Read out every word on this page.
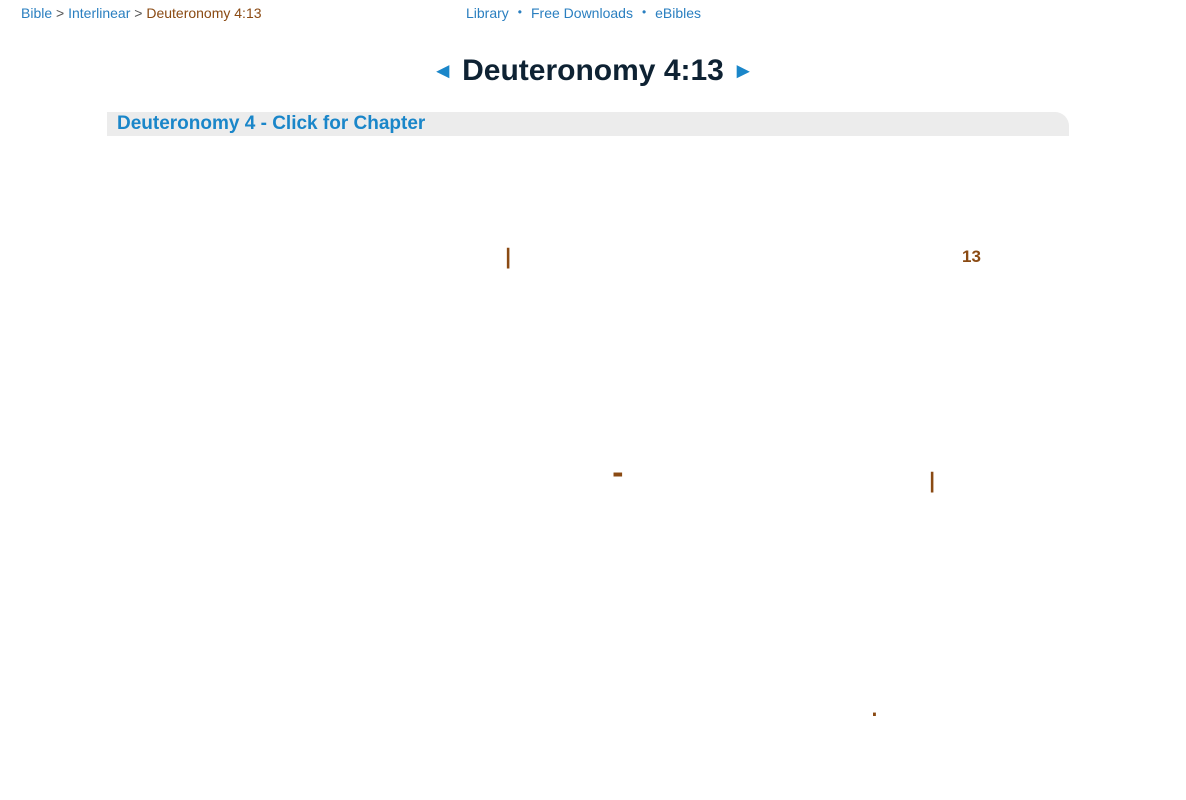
Bible > Interlinear > Deuteronomy 4:13	Library • Free Downloads • eBibles
◄ Deuteronomy 4:13 ►
Deuteronomy 4 - Click for Chapter
13
׀
׀
־
.
